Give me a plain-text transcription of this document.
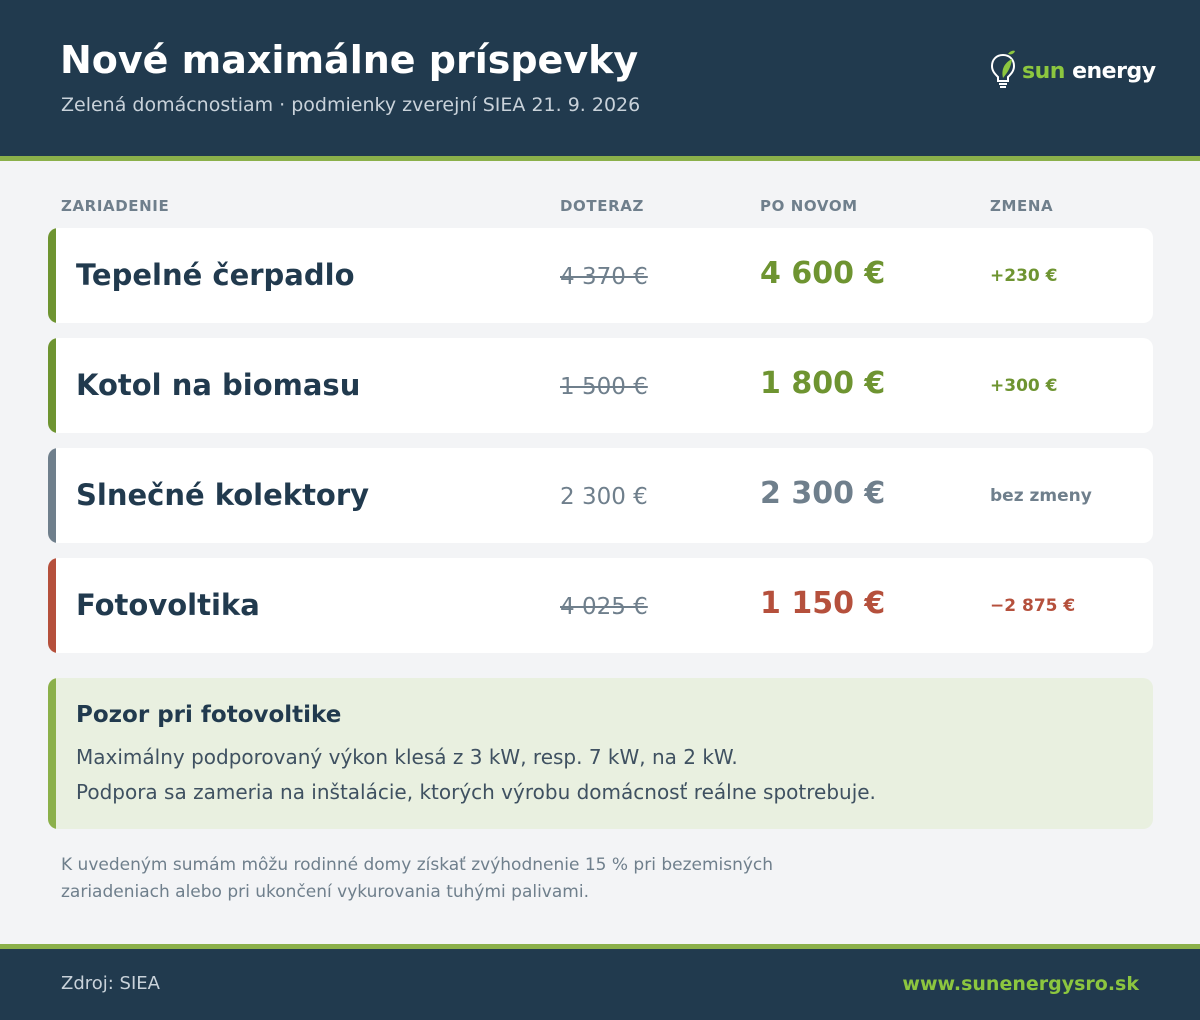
Nové maximálne príspevky
Zelená domácnostiam · podmienky zverejní SIEA 21. 9. 2026
sun energy
ZARIADENIE	DOTERAZ	PO NOVOM	ZMENA
Tepelné čerpadlo	4 370 €	4 600 €	+230 €
Kotol na biomasu	1 500 €	1 800 €	+300 €
Slnečné kolektory	2 300 €	2 300 €	bez zmeny
Fotovoltika	4 025 €	1 150 €	−2 875 €
Pozor pri fotovoltike
Maximálny podporovaný výkon klesá z 3 kW, resp. 7 kW, na 2 kW.
Podpora sa zameria na inštalácie, ktorých výrobu domácnosť reálne spotrebuje.
K uvedeným sumám môžu rodinné domy získať zvýhodnenie 15 % pri bezemisných
zariadeniach alebo pri ukončení vykurovania tuhými palivami.
Zdroj: SIEA	www.sunenergysro.sk
